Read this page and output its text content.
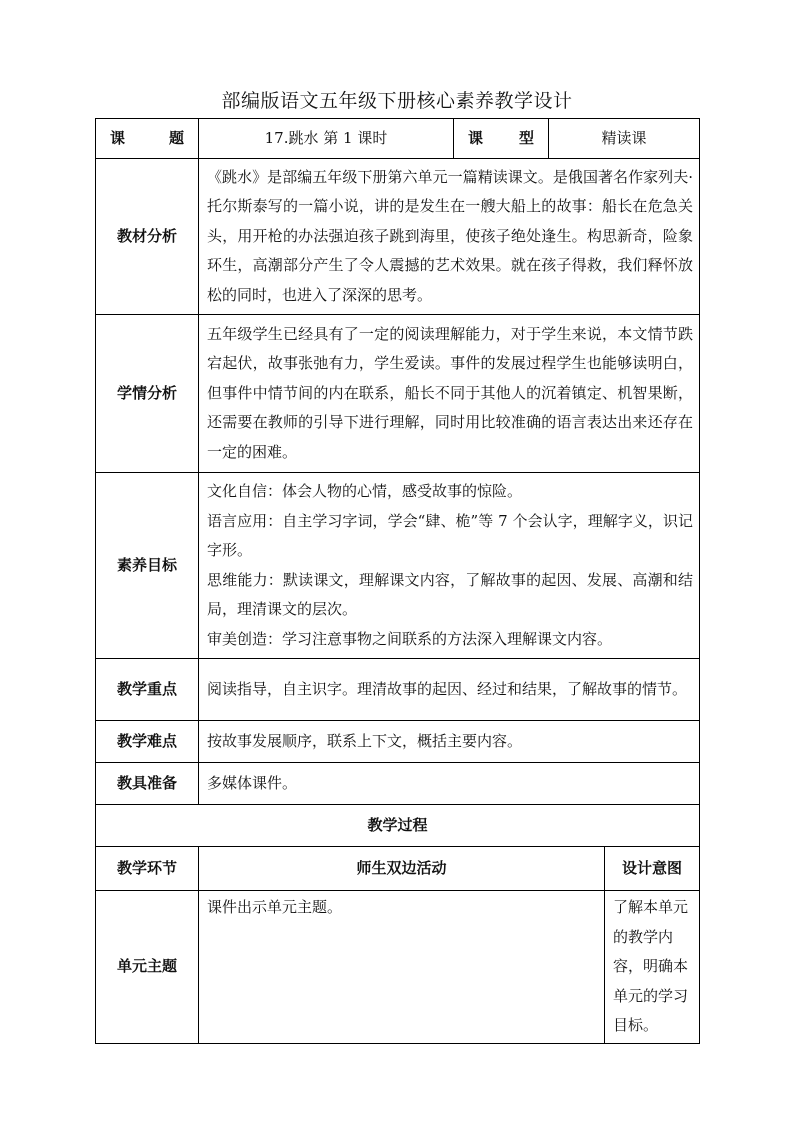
部编版语文五年级下册核心素养教学设计
课 题	17.跳水 第 1 课时	课 型	精读课	
教材分析	《跳水》是部编五年级下册第六单元一篇精读课文。是俄国著名作家列夫·托尔斯泰写的一篇小说，讲的是发生在一艘大船上的故事：船长在危急关头，用开枪的办法强迫孩子跳到海里，使孩子绝处逢生。构思新奇，险象环生，高潮部分产生了令人震撼的艺术效果。就在孩子得救，我们释怀放松的同时，也进入了深深的思考。			

学情分析	五年级学生已经具有了一定的阅读理解能力，对于学生来说，本文情节跌宕起伏，故事张弛有力，学生爱读。事件的发展过程学生也能够读明白，但事件中情节间的内在联系，船长不同于其他人的沉着镇定、机智果断，还需要在教师的引导下进行理解，同时用比较准确的语言表达出来还存在一定的困难。			

素养目标	文化自信：体会人物的心情，感受故事的惊险。
语言应用：自主学习字词，学会“肆、桅”等 7 个会认字，理解字义，识记字形。
思维能力：默读课文，理解课文内容，了解故事的起因、发展、高潮和结局，理清课文的层次。
审美创造：学习注意事物之间联系的方法深入理解课文内容。			

教学重点	阅读指导，自主识字。理清故事的起因、经过和结果，了解故事的情节。			

教学难点	按故事发展顺序，联系上下文，概括主要内容。			

教具准备	多媒体课件。			

教学过程				
教学环节	师生双边活动			设计意图
单元主题	课件出示单元主题。			了解本单元的教学内容，明确本单元的学习目标。
